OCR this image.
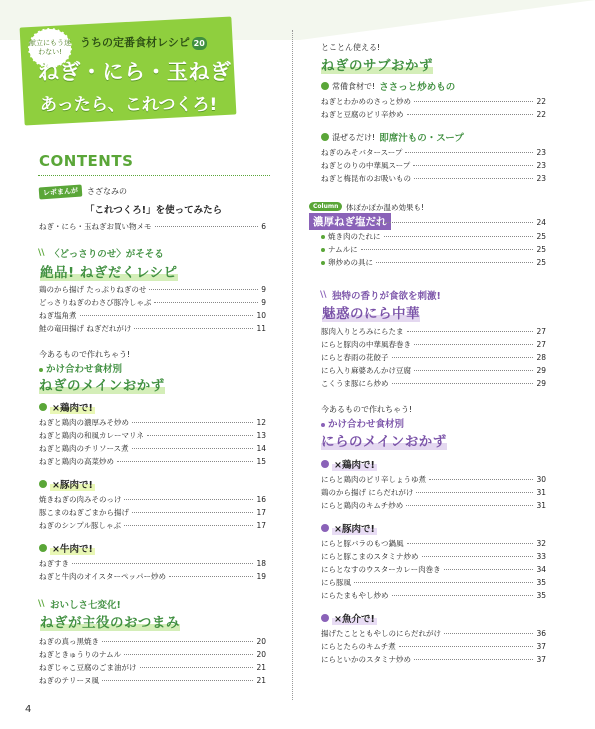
献立にもう迷わない!
うちの定番食材レシピ 20
ねぎ・にら・玉ねぎ
あったら、これつくろ!
CONTENTS
レポまんが	さざなみの
「これつくろ!」を使ってみたら
ねぎ・にら・玉ねぎお買い物メモ	6
\\ 〈どっさりのせ〉がそそる
絶品! ねぎだくレシピ
鶏のから揚げ たっぷりねぎのせ	9
どっさりねぎのわさび豚冷しゃぶ	9
ねぎ塩角煮	10
鮭の竜田揚げ ねぎだれがけ	11
今あるもので作れちゃう!
かけ合わせ食材別
ねぎのメインおかず
×鶏肉で!
ねぎと鶏肉の濃厚みそ炒め	12
ねぎと鶏肉の和風カレーマリネ	13
ねぎと鶏肉のチリソース煮	14
ねぎと鶏肉の高菜炒め	15
×豚肉で!
焼きねぎの肉みそのっけ	16
豚こまのねぎごまから揚げ	17
ねぎのシンプル豚しゃぶ	17
×牛肉で!
ねぎすき	18
ねぎと牛肉のオイスターペッパー炒め	19
\\ おいしさ七変化!
ねぎが主役のおつまみ
ねぎの真っ黒焼き	20
ねぎときゅうりのナムル	20
ねぎじゃこ豆腐のごま油がけ	21
ねぎのテリーヌ風	21
とことん使える!
ねぎのサブおかず
常備食材で! ささっと炒めもの
ねぎとわかめのさっと炒め	22
ねぎと豆腐のピリ辛炒め	22
混ぜるだけ! 即席汁もの・スープ
ねぎのみそバタースープ	23
ねぎとのりの中華風スープ	23
ねぎと梅昆布のお吸いもの	23
Column	体ぽかぽか温め効果も!
濃厚ねぎ塩だれ	24
焼き肉のたれに	25
ナムルに	25
卵炒めの具に	25
\\ 独特の香りが食欲を刺激!
魅惑のにら中華
豚肉入りとろみにらたま	27
にらと豚肉の中華風春巻き	27
にらと春雨の花餃子	28
にら入り麻婆あんかけ豆腐	29
こくうま豚にら炒め	29
今あるもので作れちゃう!
かけ合わせ食材別
にらのメインおかず
×鶏肉で!
にらと鶏肉のピリ辛しょうゆ煮	30
鶏のから揚げ にらだれがけ	31
にらと鶏肉のキムチ炒め	31
×豚肉で!
にらと豚バラのもつ鍋風	32
にらと豚こまのスタミナ炒め	33
にらとなすのウスターカレー肉巻き	34
にら豚風	35
にらたまもやし炒め	35
×魚介で!
揚げたことともやしのにらだれがけ	36
にらとたらのキムチ煮	37
にらといかのスタミナ炒め	37
4
